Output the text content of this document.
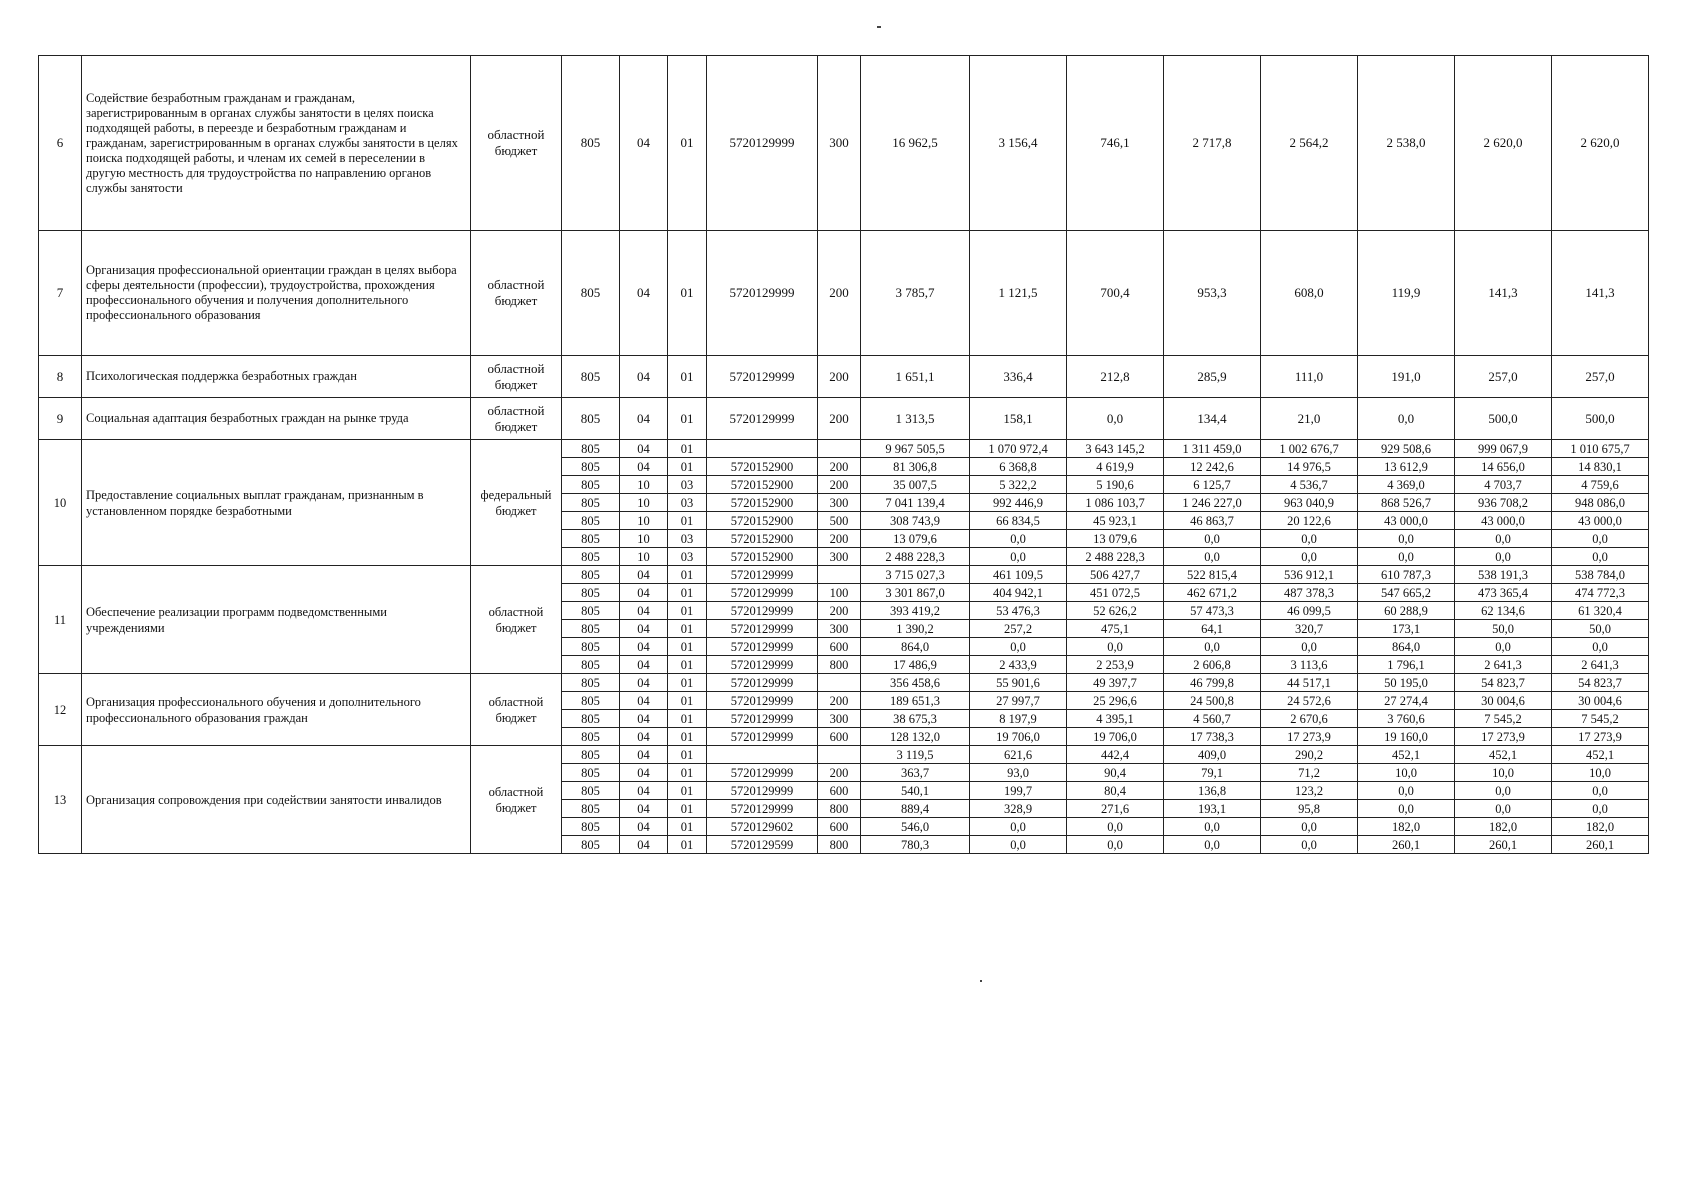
6	Содействие безработным гражданам и гражданам, зарегистрированным в органах службы занятости в целях поиска подходящей работы, в переезде и безработным гражданам и гражданам, зарегистрированным в органах службы занятости в целях поиска подходящей работы, и членам их семей в переселении в другую местность для трудоустройства по направлению органов службы занятости	областной бюджет	805	04	01	5720129999	300	16 962,5	3 156,4	746,1	2 717,8	2 564,2	2 538,0	2 620,0	2 620,0
7	Организация профессиональной ориентации граждан в целях выбора сферы деятельности (профессии), трудоустройства, прохождения профессионального обучения и получения дополнительного профессионального образования	областной бюджет	805	04	01	5720129999	200	3 785,7	1 121,5	700,4	953,3	608,0	119,9	141,3	141,3
8	Психологическая поддержка безработных граждан	областной бюджет	805	04	01	5720129999	200	1 651,1	336,4	212,8	285,9	111,0	191,0	257,0	257,0
9	Социальная адаптация безработных граждан на рынке труда	областной бюджет	805	04	01	5720129999	200	1 313,5	158,1	0,0	134,4	21,0	0,0	500,0	500,0
10	Предоставление социальных выплат гражданам, признанным в установленном порядке безработными	федеральный бюджет	805	04	01			9 967 505,5	1 070 972,4	3 643 145,2	1 311 459,0	1 002 676,7	929 508,6	999 067,9	1 010 675,7
			805	04	01	5720152900	200	81 306,8	6 368,8	4 619,9	12 242,6	14 976,5	13 612,9	14 656,0	14 830,1
			805	10	03	5720152900	200	35 007,5	5 322,2	5 190,6	6 125,7	4 536,7	4 369,0	4 703,7	4 759,6
			805	10	03	5720152900	300	7 041 139,4	992 446,9	1 086 103,7	1 246 227,0	963 040,9	868 526,7	936 708,2	948 086,0
			805	10	01	5720152900	500	308 743,9	66 834,5	45 923,1	46 863,7	20 122,6	43 000,0	43 000,0	43 000,0
			805	10	03	5720152900	200	13 079,6	0,0	13 079,6	0,0	0,0	0,0	0,0	0,0
			805	10	03	5720152900	300	2 488 228,3	0,0	2 488 228,3	0,0	0,0	0,0	0,0	0,0
11	Обеспечение реализации программ подведомственными учреждениями	областной бюджет	805	04	01	5720129999		3 715 027,3	461 109,5	506 427,7	522 815,4	536 912,1	610 787,3	538 191,3	538 784,0
			805	04	01	5720129999	100	3 301 867,0	404 942,1	451 072,5	462 671,2	487 378,3	547 665,2	473 365,4	474 772,3
			805	04	01	5720129999	200	393 419,2	53 476,3	52 626,2	57 473,3	46 099,5	60 288,9	62 134,6	61 320,4
			805	04	01	5720129999	300	1 390,2	257,2	475,1	64,1	320,7	173,1	50,0	50,0
			805	04	01	5720129999	600	864,0	0,0	0,0	0,0	0,0	864,0	0,0	0,0
			805	04	01	5720129999	800	17 486,9	2 433,9	2 253,9	2 606,8	3 113,6	1 796,1	2 641,3	2 641,3
12	Организация профессионального обучения и дополнительного профессионального образования граждан	областной бюджет	805	04	01	5720129999		356 458,6	55 901,6	49 397,7	46 799,8	44 517,1	50 195,0	54 823,7	54 823,7
			805	04	01	5720129999	200	189 651,3	27 997,7	25 296,6	24 500,8	24 572,6	27 274,4	30 004,6	30 004,6
			805	04	01	5720129999	300	38 675,3	8 197,9	4 395,1	4 560,7	2 670,6	3 760,6	7 545,2	7 545,2
			805	04	01	5720129999	600	128 132,0	19 706,0	19 706,0	17 738,3	17 273,9	19 160,0	17 273,9	17 273,9
13	Организация сопровождения при содействии занятости инвалидов	областной бюджет	805	04	01			3 119,5	621,6	442,4	409,0	290,2	452,1	452,1	452,1
			805	04	01	5720129999	200	363,7	93,0	90,4	79,1	71,2	10,0	10,0	10,0
			805	04	01	5720129999	600	540,1	199,7	80,4	136,8	123,2	0,0	0,0	0,0
			805	04	01	5720129999	800	889,4	328,9	271,6	193,1	95,8	0,0	0,0	0,0
			805	04	01	5720129602	600	546,0	0,0	0,0	0,0	0,0	182,0	182,0	182,0
			805	04	01	5720129599	800	780,3	0,0	0,0	0,0	0,0	260,1	260,1	260,1
